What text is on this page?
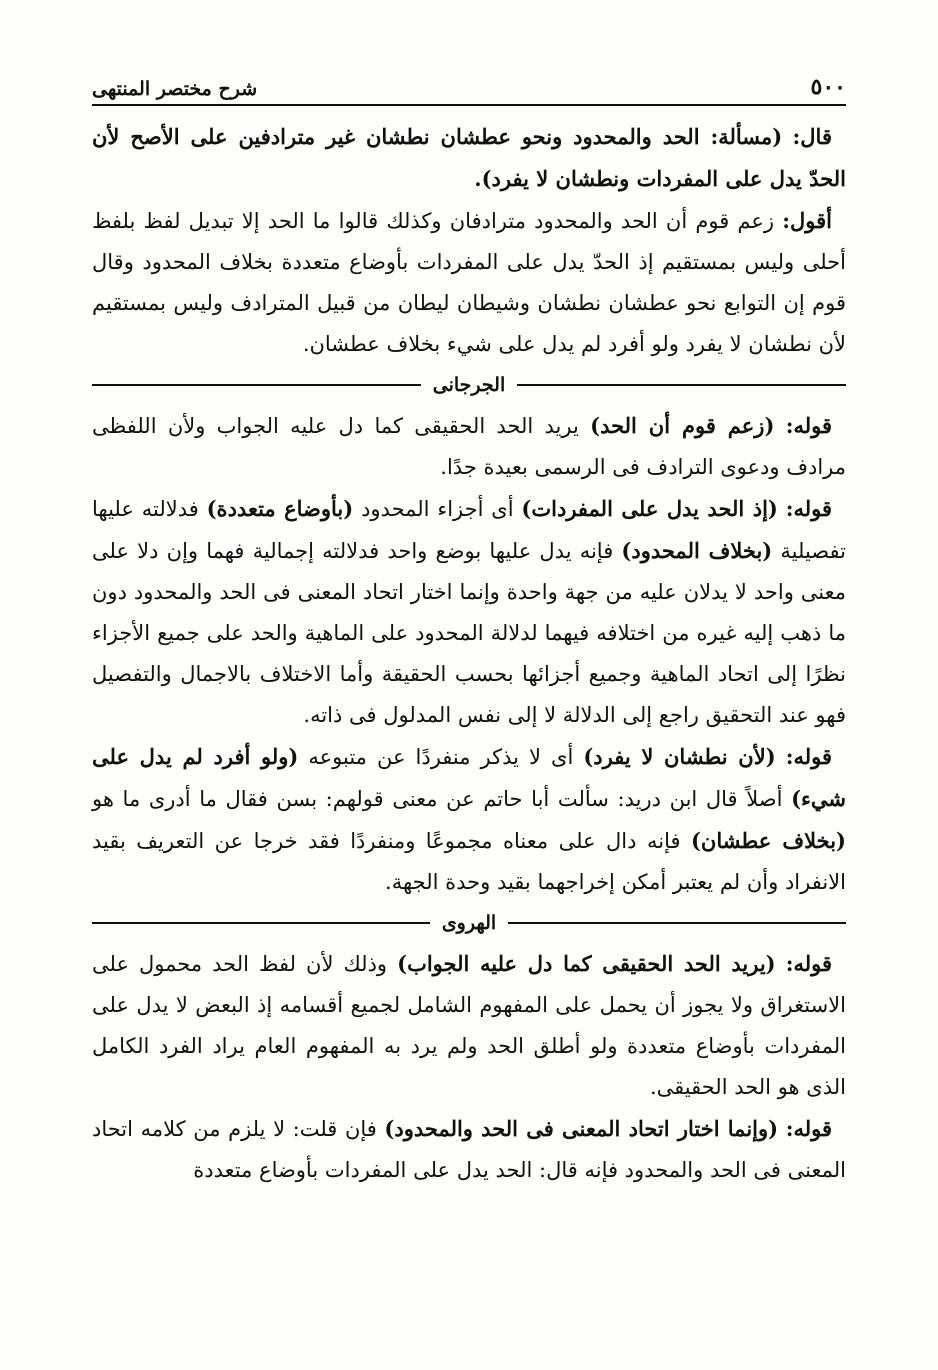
٥٠٠
شرح مختصر المنتهى

قال: (مسألة: الحد والمحدود ونحو عطشان نطشان غير مترادفين على الأصح لأن الحدّ يدل على المفردات ونطشان لا يفرد).

أقول: زعم قوم أن الحد والمحدود مترادفان وكذلك قالوا ما الحد إلا تبديل لفظ بلفظ أحلى وليس بمستقيم إذ الحدّ يدل على المفردات بأوضاع متعددة بخلاف المحدود وقال قوم إن التوابع نحو عطشان نطشان وشيطان ليطان من قبيل المترادف وليس بمستقيم لأن نطشان لا يفرد ولو أفرد لم يدل على شيء بخلاف عطشان.

الجرجانى

قوله: (زعم قوم أن الحد) يريد الحد الحقيقى كما دل عليه الجواب ولأن اللفظى مرادف ودعوى الترادف فى الرسمى بعيدة جدًا.

قوله: (إذ الحد يدل على المفردات) أى أجزاء المحدود (بأوضاع متعددة) فدلالته عليها تفصيلية (بخلاف المحدود) فإنه يدل عليها بوضع واحد فدلالته إجمالية فهما وإن دلا على معنى واحد لا يدلان عليه من جهة واحدة وإنما اختار اتحاد المعنى فى الحد والمحدود دون ما ذهب إليه غيره من اختلافه فيهما لدلالة المحدود على الماهية والحد على جميع الأجزاء نظرًا إلى اتحاد الماهية وجميع أجزائها بحسب الحقيقة وأما الاختلاف بالاجمال والتفصيل فهو عند التحقيق راجع إلى الدلالة لا إلى نفس المدلول فى ذاته.

قوله: (لأن نطشان لا يفرد) أى لا يذكر منفردًا عن متبوعه (ولو أفرد لم يدل على شيء) أصلاً قال ابن دريد: سألت أبا حاتم عن معنى قولهم: بسن فقال ما أدرى ما هو (بخلاف عطشان) فإنه دال على معناه مجموعًا ومنفردًا فقد خرجا عن التعريف بقيد الانفراد وأن لم يعتبر أمكن إخراجهما بقيد وحدة الجهة.

الهروى

قوله: (يريد الحد الحقيقى كما دل عليه الجواب) وذلك لأن لفظ الحد محمول على الاستغراق ولا يجوز أن يحمل على المفهوم الشامل لجميع أقسامه إذ البعض لا يدل على المفردات بأوضاع متعددة ولو أطلق الحد ولم يرد به المفهوم العام يراد الفرد الكامل الذى هو الحد الحقيقى.

قوله: (وإنما اختار اتحاد المعنى فى الحد والمحدود) فإن قلت: لا يلزم من كلامه اتحاد المعنى فى الحد والمحدود فإنه قال: الحد يدل على المفردات بأوضاع متعددة
